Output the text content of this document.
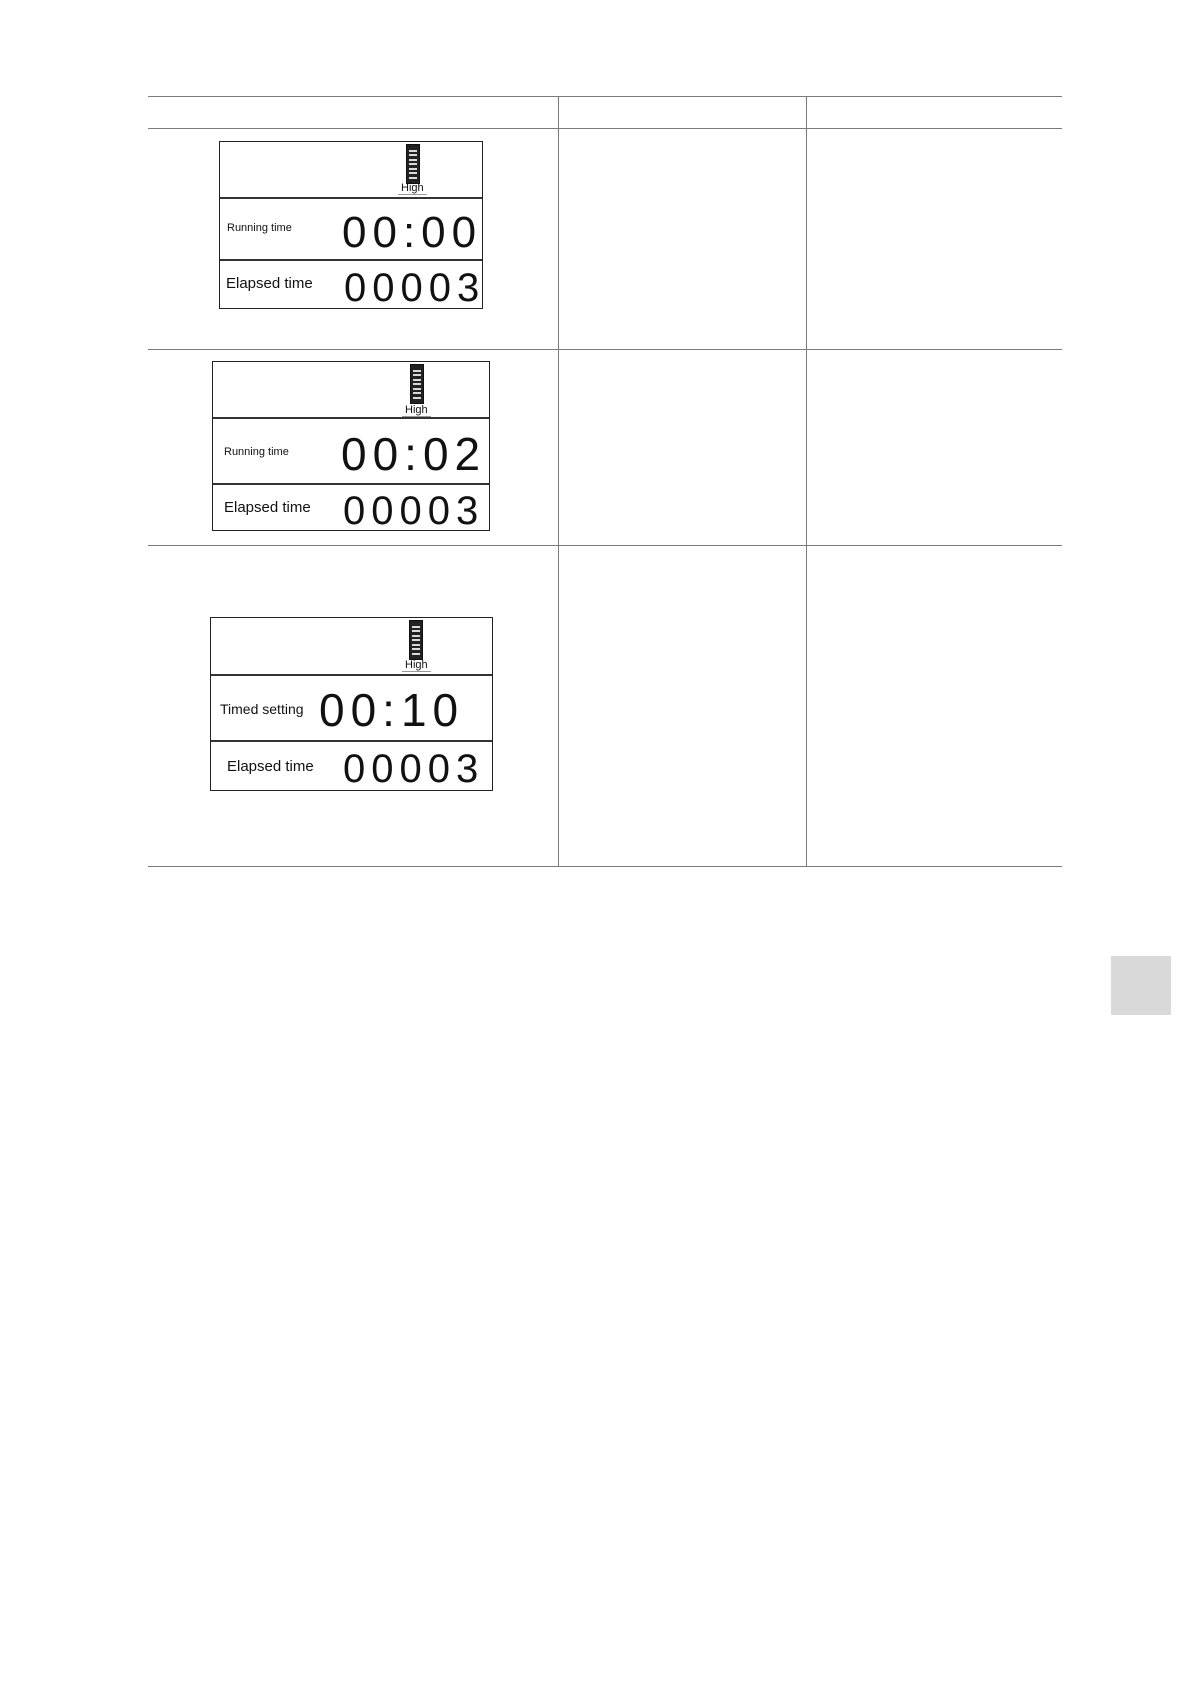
High
Running time 00:00
Elapsed time 00003
High
Running time 00:02
Elapsed time 00003
High
Timed setting 00:10
Elapsed time 00003
